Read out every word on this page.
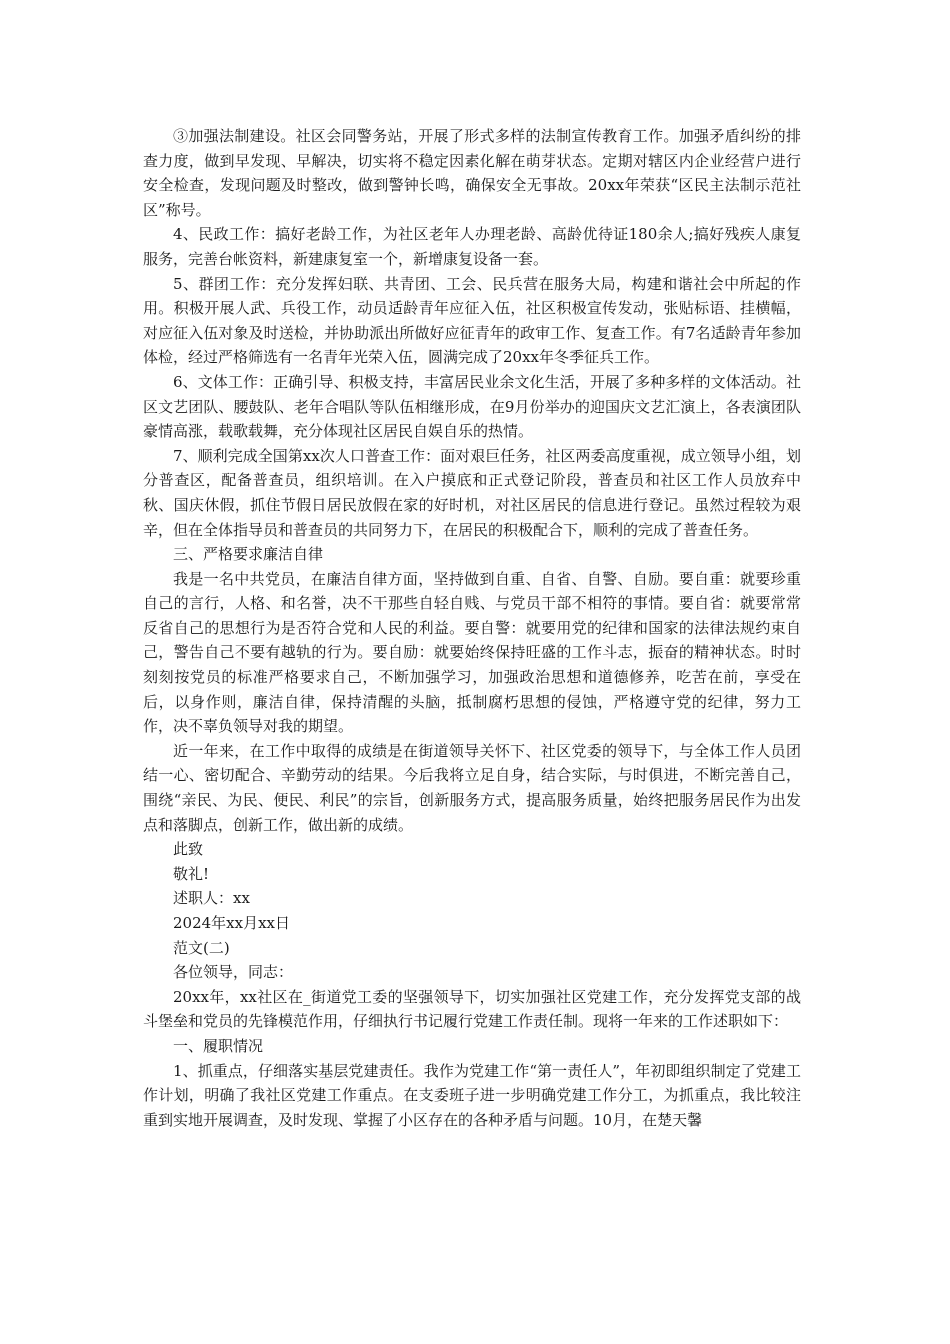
③加强法制建设。社区会同警务站，开展了形式多样的法制宣传教育工作。加强矛盾纠纷的排查力度，做到早发现、早解决，切实将不稳定因素化解在萌芽状态。定期对辖区内企业经营户进行安全检查，发现问题及时整改，做到警钟长鸣，确保安全无事故。20xx年荣获“区民主法制示范社区”称号。

4、民政工作：搞好老龄工作，为社区老年人办理老龄、高龄优待证180余人;搞好残疾人康复服务，完善台帐资料，新建康复室一个，新增康复设备一套。

5、群团工作：充分发挥妇联、共青团、工会、民兵营在服务大局，构建和谐社会中所起的作用。积极开展人武、兵役工作，动员适龄青年应征入伍，社区积极宣传发动，张贴标语、挂横幅，对应征入伍对象及时送检，并协助派出所做好应征青年的政审工作、复查工作。有7名适龄青年参加体检，经过严格筛选有一名青年光荣入伍，圆满完成了20xx年冬季征兵工作。

6、文体工作：正确引导、积极支持，丰富居民业余文化生活，开展了多种多样的文体活动。社区文艺团队、腰鼓队、老年合唱队等队伍相继形成，在9月份举办的迎国庆文艺汇演上，各表演团队豪情高涨，载歌载舞，充分体现社区居民自娱自乐的热情。

7、顺利完成全国第xx次人口普查工作：面对艰巨任务，社区两委高度重视，成立领导小组，划分普查区，配备普查员，组织培训。在入户摸底和正式登记阶段，普查员和社区工作人员放弃中秋、国庆休假，抓住节假日居民放假在家的好时机，对社区居民的信息进行登记。虽然过程较为艰辛，但在全体指导员和普查员的共同努力下，在居民的积极配合下，顺利的完成了普查任务。

三、严格要求廉洁自律

我是一名中共党员，在廉洁自律方面，坚持做到自重、自省、自警、自励。要自重：就要珍重自己的言行，人格、和名誉，决不干那些自轻自贱、与党员干部不相符的事情。要自省：就要常常反省自己的思想行为是否符合党和人民的利益。要自警：就要用党的纪律和国家的法律法规约束自己，警告自己不要有越轨的行为。要自励：就要始终保持旺盛的工作斗志，振奋的精神状态。时时刻刻按党员的标准严格要求自己，不断加强学习，加强政治思想和道德修养，吃苦在前，享受在后，以身作则，廉洁自律，保持清醒的头脑，抵制腐朽思想的侵蚀，严格遵守党的纪律，努力工作，决不辜负领导对我的期望。

近一年来，在工作中取得的成绩是在街道领导关怀下、社区党委的领导下，与全体工作人员团结一心、密切配合、辛勤劳动的结果。今后我将立足自身，结合实际，与时俱进，不断完善自己，围绕“亲民、为民、便民、利民”的宗旨，创新服务方式，提高服务质量，始终把服务居民作为出发点和落脚点，创新工作，做出新的成绩。

此致

敬礼!

述职人：xx

2024年xx月xx日

范文(二)

各位领导，同志：

20xx年，xx社区在_街道党工委的坚强领导下，切实加强社区党建工作，充分发挥党支部的战斗堡垒和党员的先锋模范作用，仔细执行书记履行党建工作责任制。现将一年来的工作述职如下：

一、履职情况

1、抓重点，仔细落实基层党建责任。我作为党建工作“第一责任人”，年初即组织制定了党建工作计划，明确了我社区党建工作重点。在支委班子进一步明确党建工作分工，为抓重点，我比较注重到实地开展调查，及时发现、掌握了小区存在的各种矛盾与问题。10月，在楚天馨
